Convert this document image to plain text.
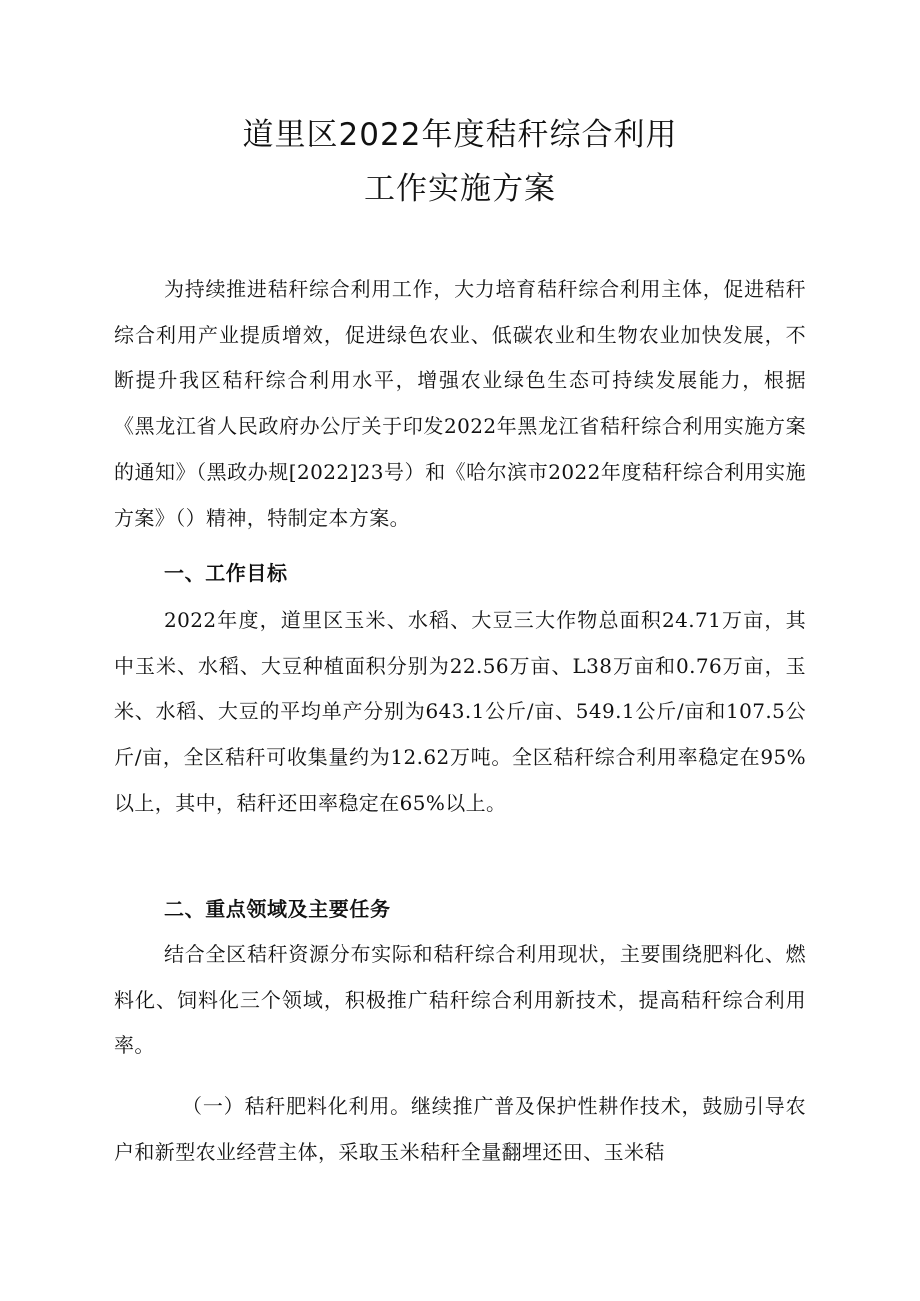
道里区2022年度秸秆综合利用
工作实施方案

为持续推进秸秆综合利用工作，大力培育秸秆综合利用主体，促进秸秆综合利用产业提质增效，促进绿色农业、低碳农业和生物农业加快发展，不断提升我区秸秆综合利用水平，增强农业绿色生态可持续发展能力，根据《黑龙江省人民政府办公厅关于印发2022年黑龙江省秸秆综合利用实施方案的通知》（黑政办规[2022]23号）和《哈尔滨市2022年度秸秆综合利用实施方案》（）精神，特制定本方案。

一、工作目标

2022年度，道里区玉米、水稻、大豆三大作物总面积24.71万亩，其中玉米、水稻、大豆种植面积分别为22.56万亩、L38万亩和0.76万亩，玉米、水稻、大豆的平均单产分别为643.1公斤/亩、549.1公斤/亩和107.5公斤/亩，全区秸秆可收集量约为12.62万吨。全区秸秆综合利用率稳定在95%以上，其中，秸秆还田率稳定在65%以上。

二、重点领域及主要任务

结合全区秸秆资源分布实际和秸秆综合利用现状，主要围绕肥料化、燃料化、饲料化三个领域，积极推广秸秆综合利用新技术，提高秸秆综合利用率。

（一）秸秆肥料化利用。继续推广普及保护性耕作技术，鼓励引导农户和新型农业经营主体，采取玉米秸秆全量翻埋还田、玉米秸
